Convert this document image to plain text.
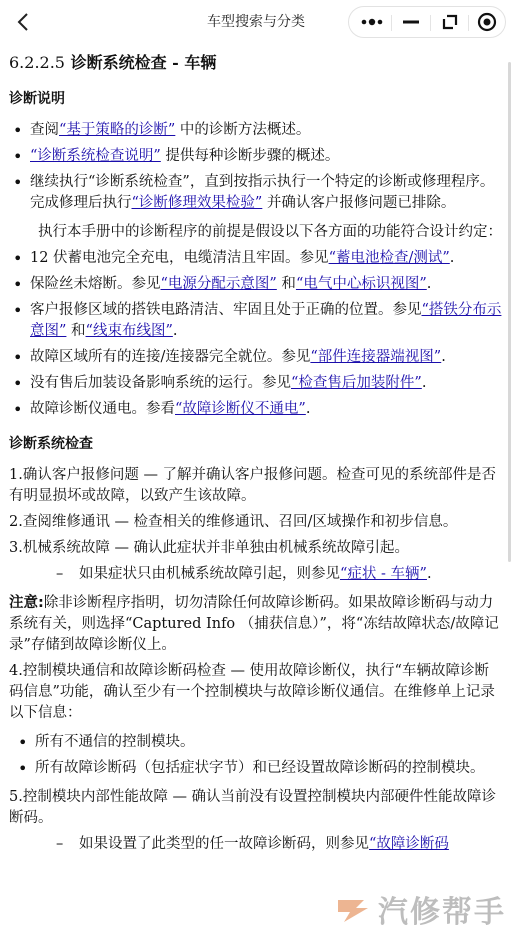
车型搜索与分类
6.2.2.5 诊断系统检查 - 车辆
诊断说明
• 查阅“基于策略的诊断” 中的诊断方法概述。
• “诊断系统检查说明” 提供每种诊断步骤的概述。
• 继续执行“诊断系统检查”，直到按指示执行一个特定的诊断或修理程序。完成修理后执行“诊断修理效果检验” 并确认客户报修问题已排除。

执行本手册中的诊断程序的前提是假设以下各方面的功能符合设计约定：

• 12 伏蓄电池完全充电，电缆清洁且牢固。参见“蓄电池检查/测试”.
• 保险丝未熔断。参见“电源分配示意图” 和“电气中心标识视图”.
• 客户报修区域的搭铁电路清洁、牢固且处于正确的位置。参见“搭铁分布示意图” 和“线束布线图”.
• 故障区域所有的连接/连接器完全就位。参见“部件连接器端视图”.
• 没有售后加装设备影响系统的运行。参见“检查售后加装附件”.
• 故障诊断仪通电。参看“故障诊断仪不通电”.
诊断系统检查

1.确认客户报修问题 — 了解并确认客户报修问题。检查可见的系统部件是否有明显损坏或故障，以致产生该故障。

2.查阅维修通讯 — 检查相关的维修通讯、召回/区域操作和初步信息。

3.机械系统故障 — 确认此症状并非单独由机械系统故障引起。

–	如果症状只由机械系统故障引起，则参见“症状 - 车辆”.

注意:除非诊断程序指明，切勿清除任何故障诊断码。如果故障诊断码与动力系统有关，则选择“Captured Info （捕获信息）”，将“冻结故障状态/故障记录”存储到故障诊断仪上。

4.控制模块通信和故障诊断码检查 — 使用故障诊断仪，执行“车辆故障诊断码信息”功能，确认至少有一个控制模块与故障诊断仪通信。在维修单上记录以下信息：

• 所有不通信的控制模块。
• 所有故障诊断码（包括症状字节）和已经设置故障诊断码的控制模块。

5.控制模块内部性能故障 — 确认当前没有设置控制模块内部硬件性能故障诊断码。

–	如果设置了此类型的任一故障诊断码，则参见“故障诊断码
汽修帮手
